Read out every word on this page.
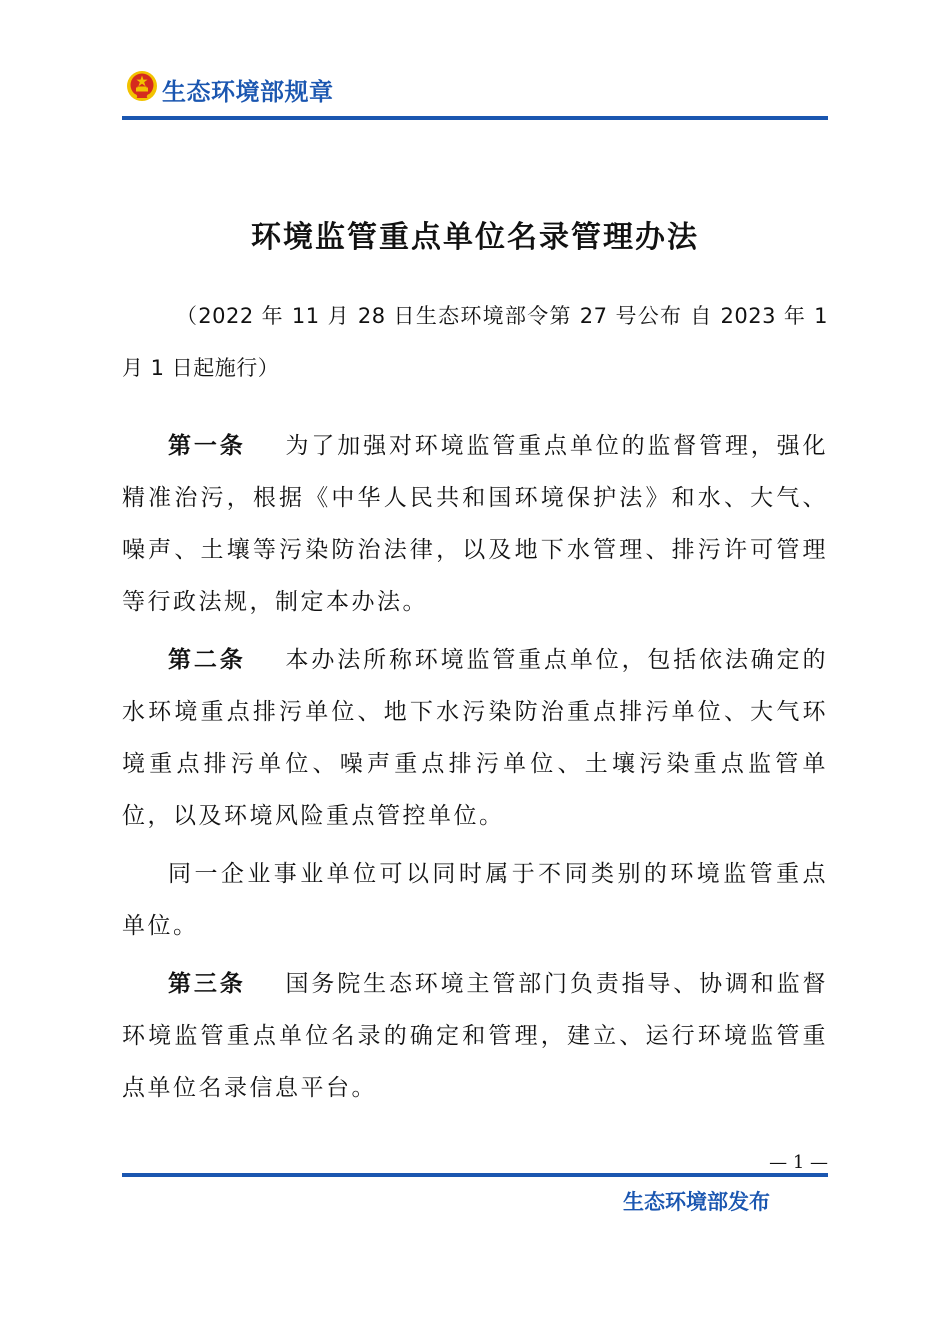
生态环境部规章
环境监管重点单位名录管理办法
（2022 年 11 月 28 日生态环境部令第 27 号公布 自 2023 年 1 月 1 日起施行）

第一条 为了加强对环境监管重点单位的监督管理，强化精准治污，根据《中华人民共和国环境保护法》和水、大气、噪声、土壤等污染防治法律，以及地下水管理、排污许可管理等行政法规，制定本办法。

第二条 本办法所称环境监管重点单位，包括依法确定的水环境重点排污单位、地下水污染防治重点排污单位、大气环境重点排污单位、噪声重点排污单位、土壤污染重点监管单位，以及环境风险重点管控单位。

同一企业事业单位可以同时属于不同类别的环境监管重点单位。

第三条 国务院生态环境主管部门负责指导、协调和监督环境监管重点单位名录的确定和管理，建立、运行环境监管重点单位名录信息平台。

— 1 —
生态环境部发布
